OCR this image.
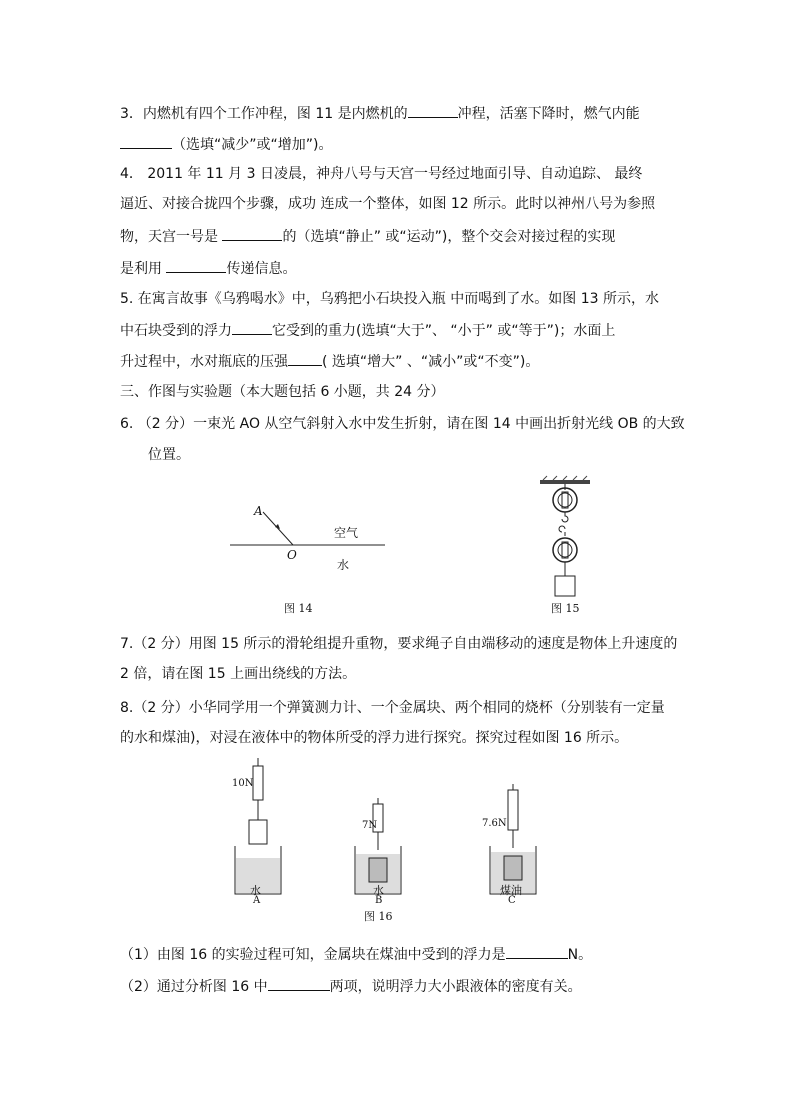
3．内燃机有四个工作冲程，图 11 是内燃机的	冲程，活塞下降时，燃气内能
（选填“减少”或“增加”)。
4． 2011 年 11 月 3 日凌晨，神舟八号与天宫一号经过地面引导、自动追踪、 最终
逼近、对接合拢四个步骤，成功 连成一个整体，如图 12 所示。此时以神州八号为参照
物，天宫一号是	的（选填“静止” 或“运动”)，整个交会对接过程的实现
是利用	传递信息。
5. 在寓言故事《乌鸦喝水》中，乌鸦把小石块投入瓶 中而喝到了水。如图 13 所示，水
中石块受到的浮力	它受到的重力(选填“大于”、 “小于” 或“等于”)；水面上
升过程中，水对瓶底的压强 ( 选填“增大” 、“减小”或“不变”)。
三、作图与实验题（本大题包括 6 小题，共 24 分）
6. （2 分）一束光 AO 从空气斜射入水中发生折射，请在图 14 中画出折射光线 OB 的大致
位置。
A
O
空气
水
图 14	图 15
7.（2 分）用图 15 所示的滑轮组提升重物，要求绳子自由端移动的速度是物体上升速度的
2 倍，请在图 15 上画出绕线的方法。
8.（2 分）小华同学用一个弹簧测力计、一个金属块、两个相同的烧杯（分别装有一定量
的水和煤油)，对浸在液体中的物体所受的浮力进行探究。探究过程如图 16 所示。
10N
7N	7.6N
水
A
水
B
煤油
C
图 16
（1）由图 16 的实验过程可知，金属块在煤油中受到的浮力是	N。
（2）通过分析图 16 中	两项，说明浮力大小跟液体的密度有关。
